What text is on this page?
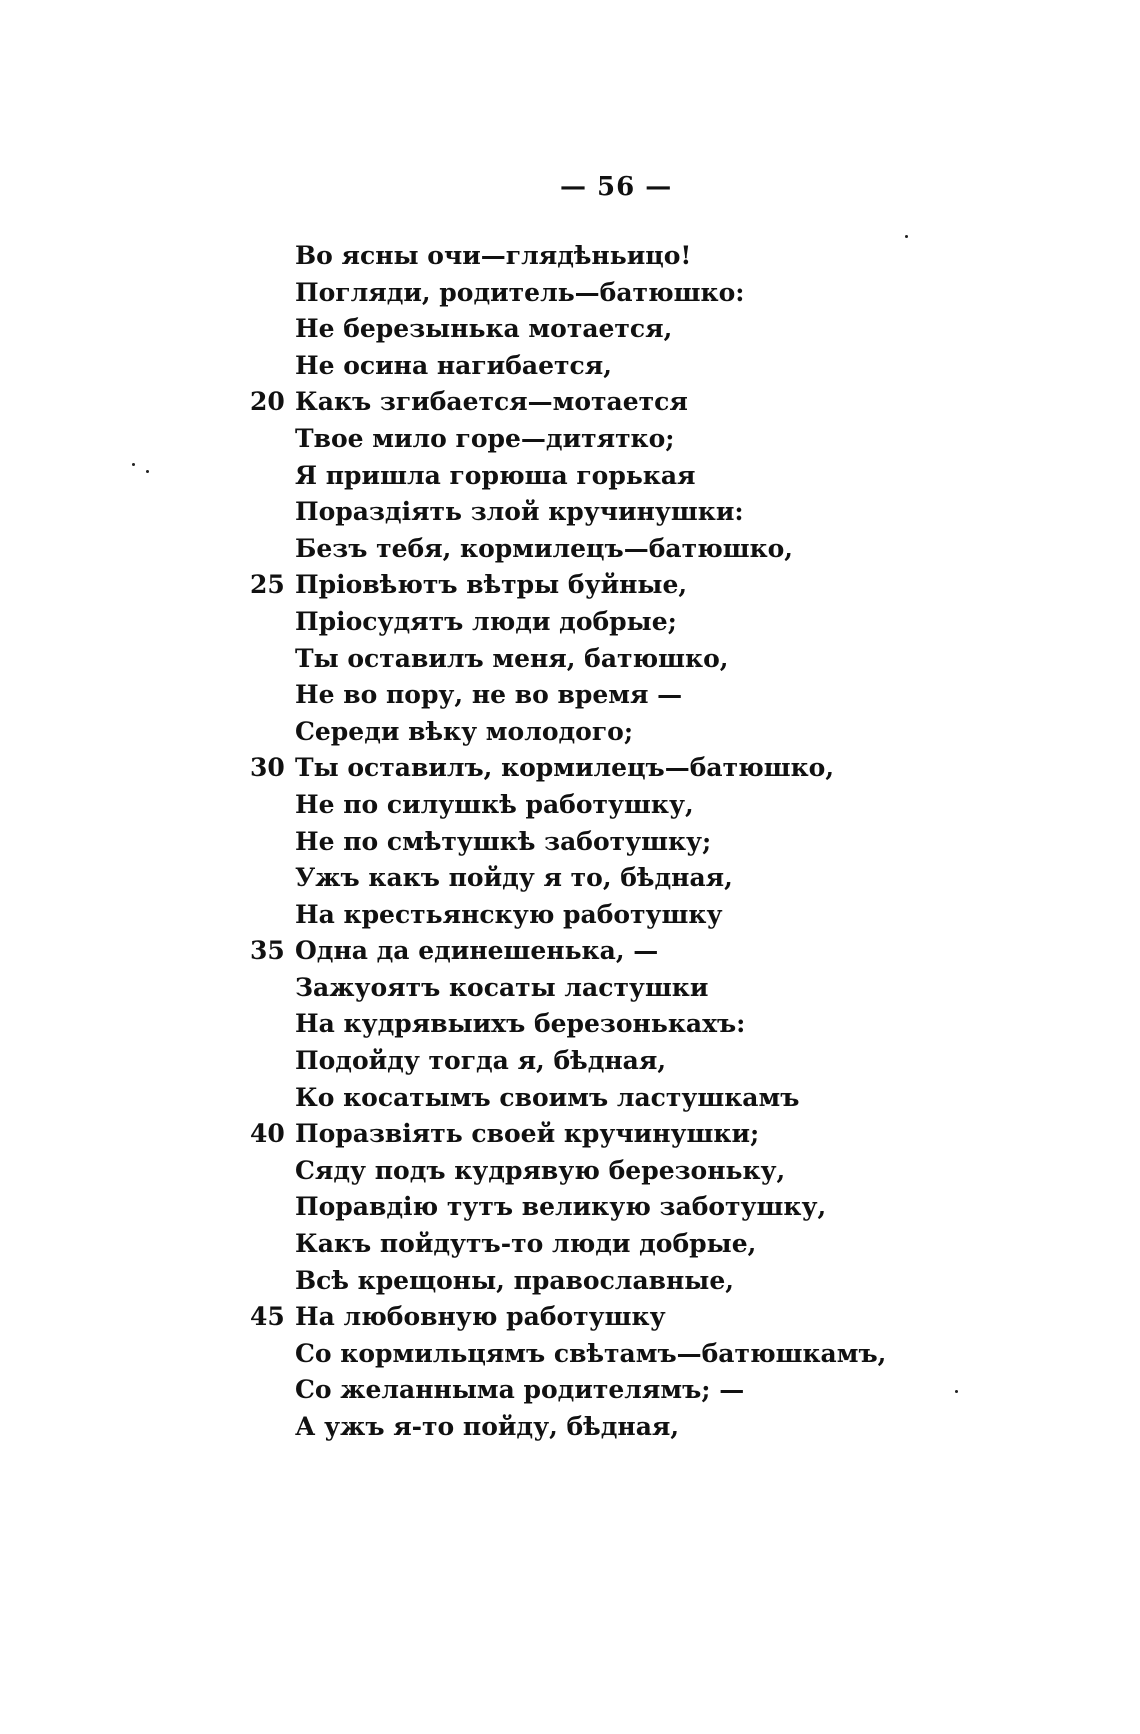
— 56 —
Во ясны очи—глядѣньицо!
Погляди, родитель—батюшко:
Не березынька мотается,
Не осина нагибается,
20 Какъ згибается—мотается
Твое мило горе—дитятко;
Я пришла горюша горькая
Пораздіять злой кручинушки:
Безъ тебя, кормилецъ—батюшко,
25 Пріовѣютъ вѣтры буйные,
Пріосудятъ люди добрые;
Ты оставилъ меня, батюшко,
Не во пору, не во время —
Середи вѣку молодого;
30 Ты оставилъ, кормилецъ—батюшко,
Не по силушкѣ работушку,
Не по смѣтушкѣ заботушку;
Ужъ какъ пойду я то, бѣдная,
На крестьянскую работушку
35 Одна да единешенька, —
Зажуоятъ косаты ластушки
На кудрявыихъ березонькахъ:
Подойду тогда я, бѣдная,
Ко косатымъ своимъ ластушкамъ
40 Поразвіять своей кручинушки;
Сяду подъ кудрявую березоньку,
Поравдію тутъ великую заботушку,
Какъ пойдутъ-то люди добрые,
Всѣ крещоны, православные,
45 На любовную работушку
Со кормильцямъ свѣтамъ—батюшкамъ,
Со желанныма родителямъ; —
А ужъ я-то пойду, бѣдная,
